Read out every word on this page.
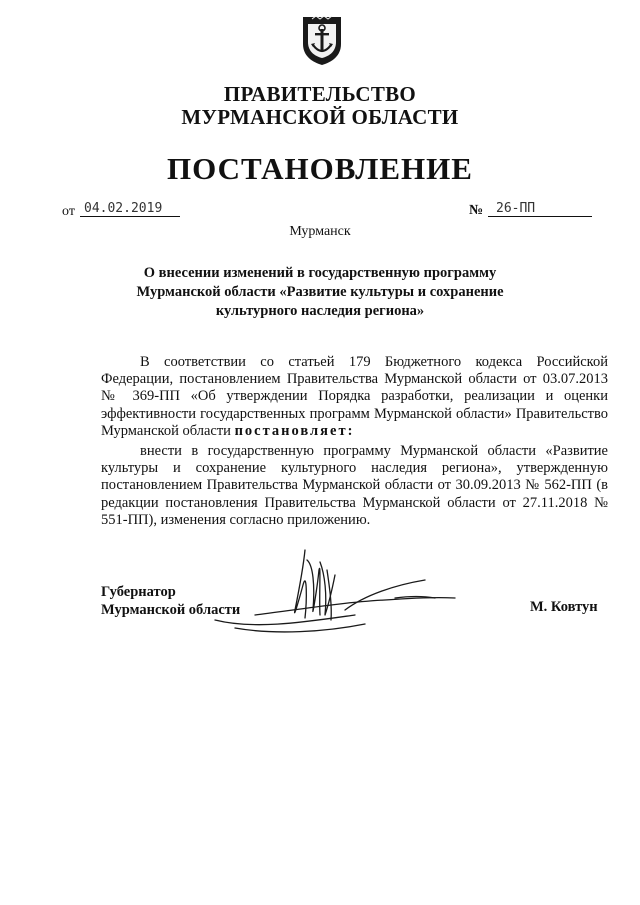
ПРАВИТЕЛЬСТВО
МУРМАНСКОЙ ОБЛАСТИ
ПОСТАНОВЛЕНИЕ
от 04.02.2019	№ 26-ПП
Мурманск
О внесении изменений в государственную программу Мурманской области «Развитие культуры и сохранение культурного наследия региона»
В соответствии со статьей 179 Бюджетного кодекса Российской Федерации, постановлением Правительства Мурманской области от 03.07.2013 № 369-ПП «Об утверждении Порядка разработки, реализации и оценки эффективности государственных программ Мурманской области» Правительство Мурманской области постановляет:
внести в государственную программу Мурманской области «Развитие культуры и сохранение культурного наследия региона», утвержденную постановлением Правительства Мурманской области от 30.09.2013 № 562-ПП (в редакции постановления Правительства Мурманской области от 27.11.2018 № 551-ПП), изменения согласно приложению.
Губернатор
Мурманской области	М. Ковтун
